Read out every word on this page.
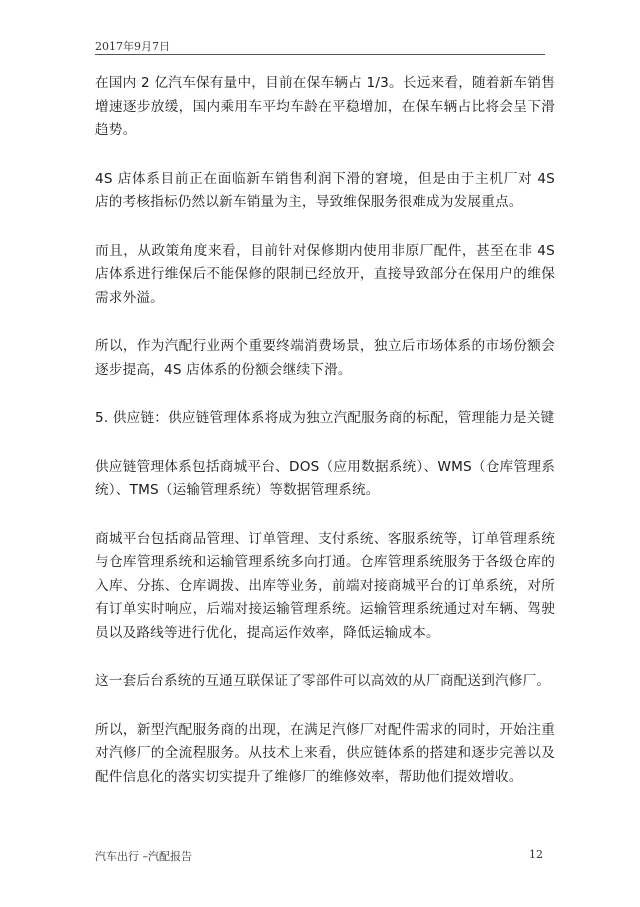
2017年9月7日

在国内 2 亿汽车保有量中，目前在保车辆占 1/3。长远来看，随着新车销售增速逐步放缓，国内乘用车平均车龄在平稳增加，在保车辆占比将会呈下滑趋势。

4S 店体系目前正在面临新车销售利润下滑的窘境，但是由于主机厂对 4S 店的考核指标仍然以新车销量为主，导致维保服务很难成为发展重点。

而且，从政策角度来看，目前针对保修期内使用非原厂配件，甚至在非 4S 店体系进行维保后不能保修的限制已经放开，直接导致部分在保用户的维保需求外溢。

所以，作为汽配行业两个重要终端消费场景，独立后市场体系的市场份额会逐步提高，4S 店体系的份额会继续下滑。

5. 供应链：供应链管理体系将成为独立汽配服务商的标配，管理能力是关键

供应链管理体系包括商城平台、DOS（应用数据系统）、WMS（仓库管理系统）、TMS（运输管理系统）等数据管理系统。

商城平台包括商品管理、订单管理、支付系统、客服系统等，订单管理系统与仓库管理系统和运输管理系统多向打通。仓库管理系统服务于各级仓库的入库、分拣、仓库调拨、出库等业务，前端对接商城平台的订单系统，对所有订单实时响应，后端对接运输管理系统。运输管理系统通过对车辆、驾驶员以及路线等进行优化，提高运作效率，降低运输成本。

这一套后台系统的互通互联保证了零部件可以高效的从厂商配送到汽修厂。

所以，新型汽配服务商的出现，在满足汽修厂对配件需求的同时，开始注重对汽修厂的全流程服务。从技术上来看，供应链体系的搭建和逐步完善以及配件信息化的落实切实提升了维修厂的维修效率，帮助他们提效增收。

汽车出行 –汽配报告	12
